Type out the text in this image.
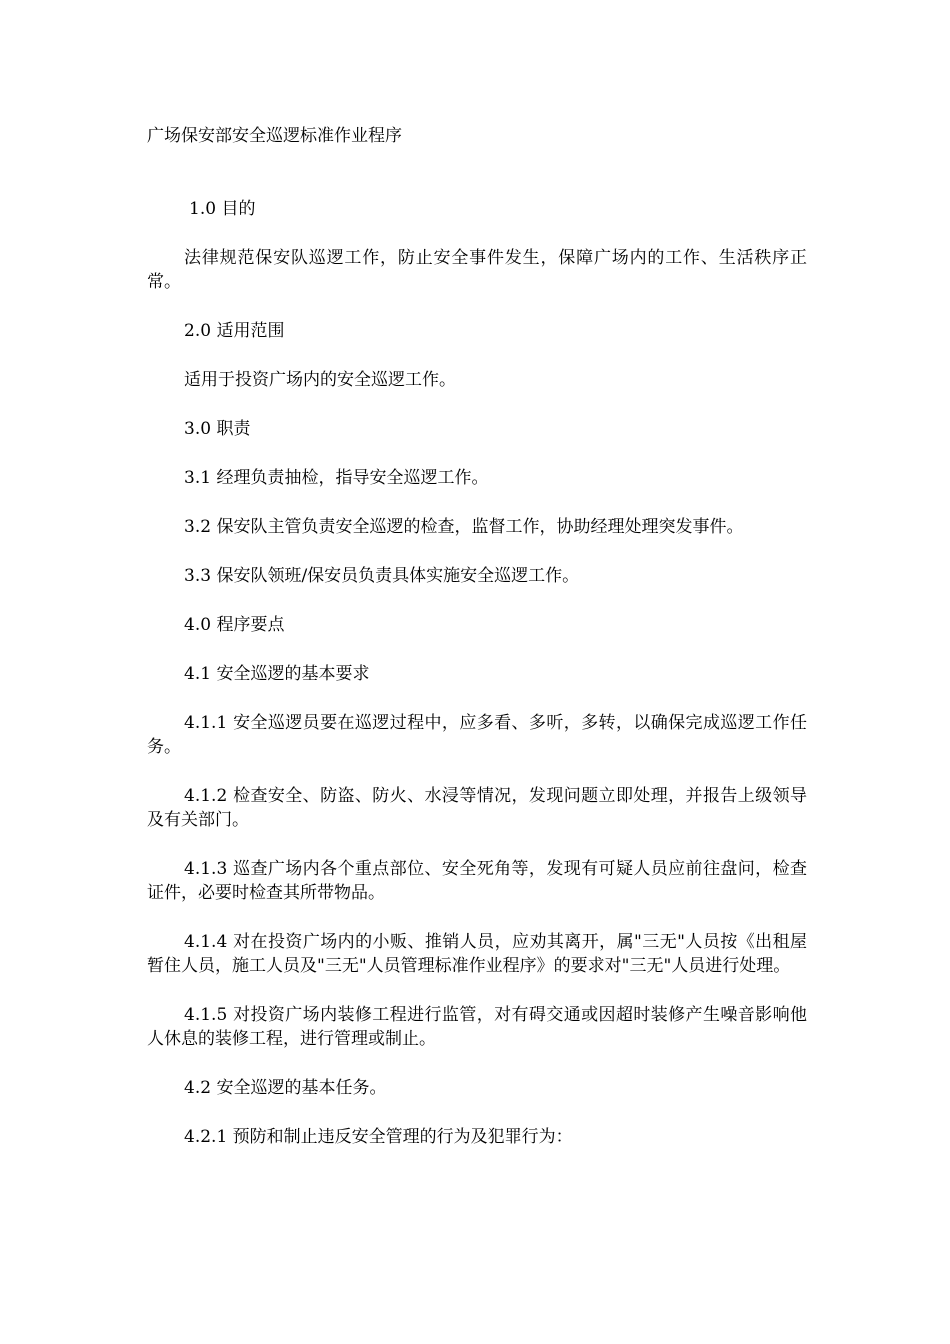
广场保安部安全巡逻标准作业程序

1.0 目的

法律规范保安队巡逻工作，防止安全事件发生，保障广场内的工作、生活秩序正常。

2.0 适用范围

适用于投资广场内的安全巡逻工作。

3.0 职责

3.1 经理负责抽检，指导安全巡逻工作。

3.2 保安队主管负责安全巡逻的检查，监督工作，协助经理处理突发事件。

3.3 保安队领班/保安员负责具体实施安全巡逻工作。

4.0 程序要点

4.1 安全巡逻的基本要求

4.1.1 安全巡逻员要在巡逻过程中，应多看、多听，多转，以确保完成巡逻工作任务。

4.1.2 检查安全、防盗、防火、水浸等情况，发现问题立即处理，并报告上级领导及有关部门。

4.1.3 巡查广场内各个重点部位、安全死角等，发现有可疑人员应前往盘问，检查证件，必要时检查其所带物品。

4.1.4 对在投资广场内的小贩、推销人员，应劝其离开，属"三无"人员按《出租屋暂住人员，施工人员及"三无"人员管理标准作业程序》的要求对"三无"人员进行处理。

4.1.5 对投资广场内装修工程进行监管，对有碍交通或因超时装修产生噪音影响他人休息的装修工程，进行管理或制止。

4.2 安全巡逻的基本任务。

4.2.1 预防和制止违反安全管理的行为及犯罪行为：
